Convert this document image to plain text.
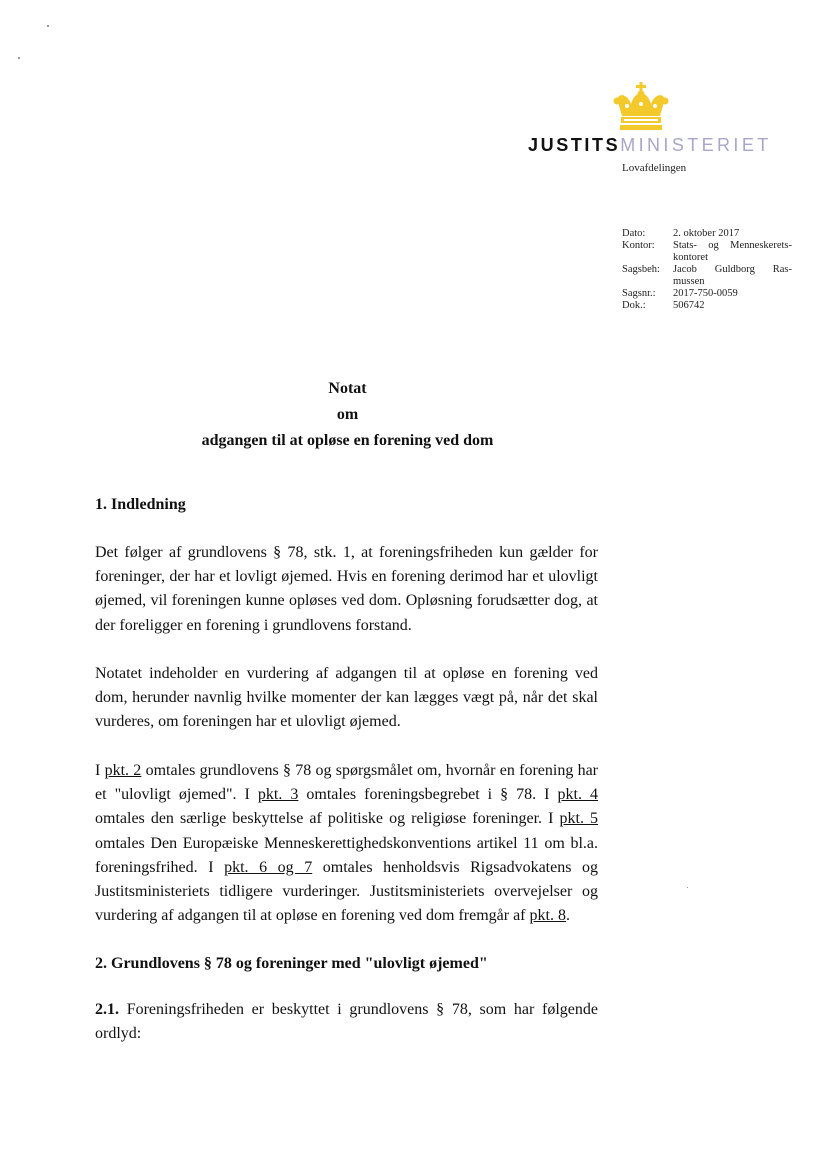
JUSTITSMINISTERIET
Lovafdelingen
Dato:	2. oktober 2017
Kontor:	Stats- og Menneskerets-
kontoret
Sagsbeh:	Jacob Guldborg Ras-
mussen
Sagsnr.:	2017-750-0059
Dok.:	506742
Notat
om
adgangen til at opløse en forening ved dom
1. Indledning
Det følger af grundlovens § 78, stk. 1, at foreningsfriheden kun gælder for foreninger, der har et lovligt øjemed. Hvis en forening derimod har et ulovligt øjemed, vil foreningen kunne opløses ved dom. Opløsning forudsætter dog, at der foreligger en forening i grundlovens forstand.
Notatet indeholder en vurdering af adgangen til at opløse en forening ved dom, herunder navnlig hvilke momenter der kan lægges vægt på, når det skal vurderes, om foreningen har et ulovligt øjemed.
I pkt. 2 omtales grundlovens § 78 og spørgsmålet om, hvornår en forening har et "ulovligt øjemed". I pkt. 3 omtales foreningsbegrebet i § 78. I pkt. 4 omtales den særlige beskyttelse af politiske og religiøse foreninger. I pkt. 5 omtales Den Europæiske Menneskerettighedskonventions artikel 11 om bl.a. foreningsfrihed. I pkt. 6 og 7 omtales henholdsvis Rigsadvokatens og Justitsministeriets tidligere vurderinger. Justitsministeriets overvejelser og vurdering af adgangen til at opløse en forening ved dom fremgår af pkt. 8.
2. Grundlovens § 78 og foreninger med "ulovligt øjemed"
2.1. Foreningsfriheden er beskyttet i grundlovens § 78, som har følgende ordlyd:
